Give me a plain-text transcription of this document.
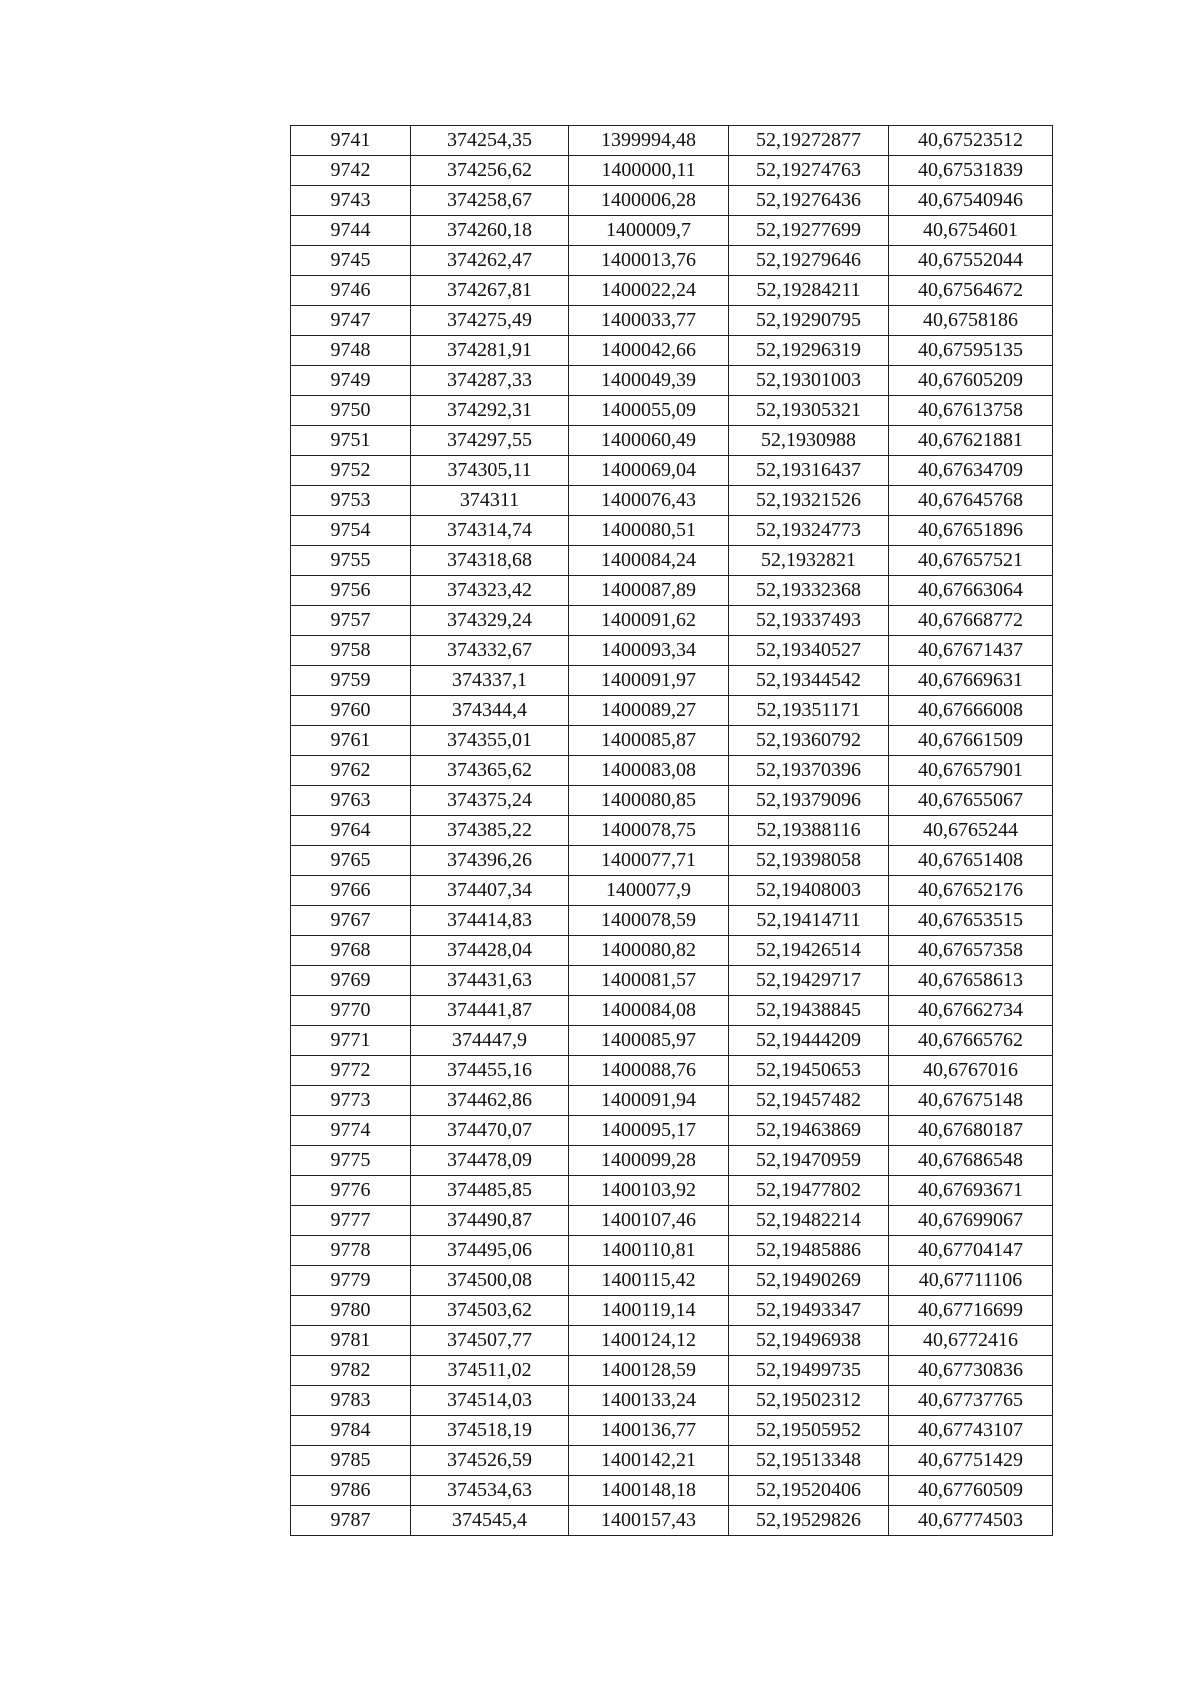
9741	374254,35	1399994,48	52,19272877	40,67523512
9742	374256,62	1400000,11	52,19274763	40,67531839
9743	374258,67	1400006,28	52,19276436	40,67540946
9744	374260,18	1400009,7	52,19277699	40,6754601
9745	374262,47	1400013,76	52,19279646	40,67552044
9746	374267,81	1400022,24	52,19284211	40,67564672
9747	374275,49	1400033,77	52,19290795	40,6758186
9748	374281,91	1400042,66	52,19296319	40,67595135
9749	374287,33	1400049,39	52,19301003	40,67605209
9750	374292,31	1400055,09	52,19305321	40,67613758
9751	374297,55	1400060,49	52,1930988	40,67621881
9752	374305,11	1400069,04	52,19316437	40,67634709
9753	374311	1400076,43	52,19321526	40,67645768
9754	374314,74	1400080,51	52,19324773	40,67651896
9755	374318,68	1400084,24	52,1932821	40,67657521
9756	374323,42	1400087,89	52,19332368	40,67663064
9757	374329,24	1400091,62	52,19337493	40,67668772
9758	374332,67	1400093,34	52,19340527	40,67671437
9759	374337,1	1400091,97	52,19344542	40,67669631
9760	374344,4	1400089,27	52,19351171	40,67666008
9761	374355,01	1400085,87	52,19360792	40,67661509
9762	374365,62	1400083,08	52,19370396	40,67657901
9763	374375,24	1400080,85	52,19379096	40,67655067
9764	374385,22	1400078,75	52,19388116	40,6765244
9765	374396,26	1400077,71	52,19398058	40,67651408
9766	374407,34	1400077,9	52,19408003	40,67652176
9767	374414,83	1400078,59	52,19414711	40,67653515
9768	374428,04	1400080,82	52,19426514	40,67657358
9769	374431,63	1400081,57	52,19429717	40,67658613
9770	374441,87	1400084,08	52,19438845	40,67662734
9771	374447,9	1400085,97	52,19444209	40,67665762
9772	374455,16	1400088,76	52,19450653	40,6767016
9773	374462,86	1400091,94	52,19457482	40,67675148
9774	374470,07	1400095,17	52,19463869	40,67680187
9775	374478,09	1400099,28	52,19470959	40,67686548
9776	374485,85	1400103,92	52,19477802	40,67693671
9777	374490,87	1400107,46	52,19482214	40,67699067
9778	374495,06	1400110,81	52,19485886	40,67704147
9779	374500,08	1400115,42	52,19490269	40,67711106
9780	374503,62	1400119,14	52,19493347	40,67716699
9781	374507,77	1400124,12	52,19496938	40,6772416
9782	374511,02	1400128,59	52,19499735	40,67730836
9783	374514,03	1400133,24	52,19502312	40,67737765
9784	374518,19	1400136,77	52,19505952	40,67743107
9785	374526,59	1400142,21	52,19513348	40,67751429
9786	374534,63	1400148,18	52,19520406	40,67760509
9787	374545,4	1400157,43	52,19529826	40,67774503
